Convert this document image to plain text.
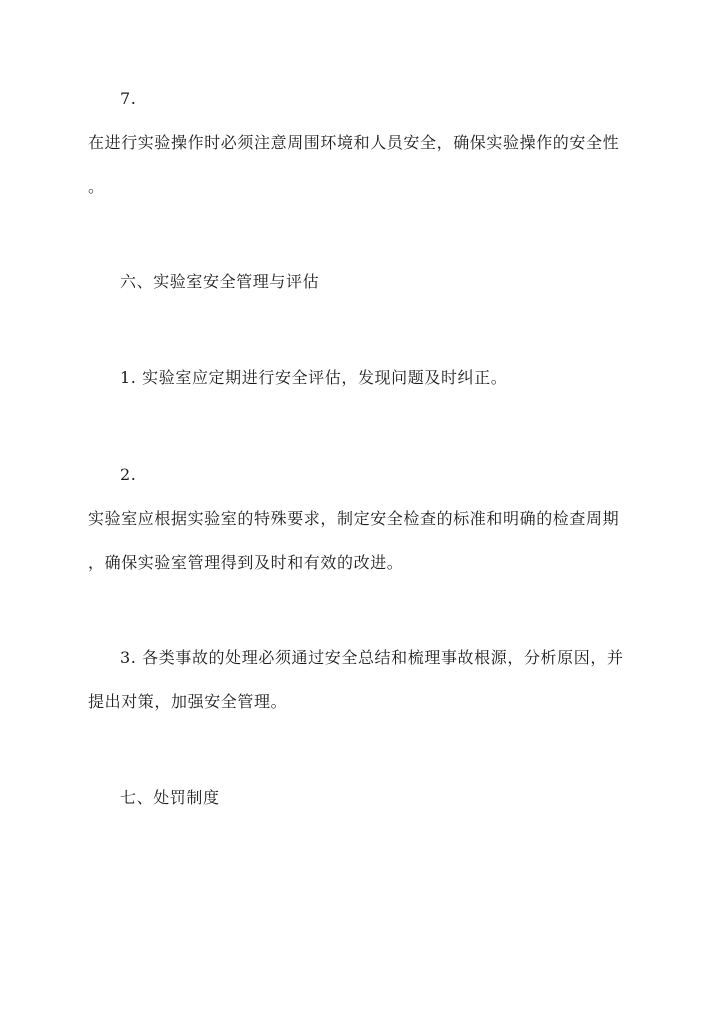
7.
在进行实验操作时必须注意周围环境和人员安全，确保实验操作的安全性
。
六、实验室安全管理与评估
1. 实验室应定期进行安全评估，发现问题及时纠正。
2.
实验室应根据实验室的特殊要求，制定安全检查的标准和明确的检查周期
，确保实验室管理得到及时和有效的改进。
3. 各类事故的处理必须通过安全总结和梳理事故根源，分析原因，并
提出对策，加强安全管理。
七、处罚制度
